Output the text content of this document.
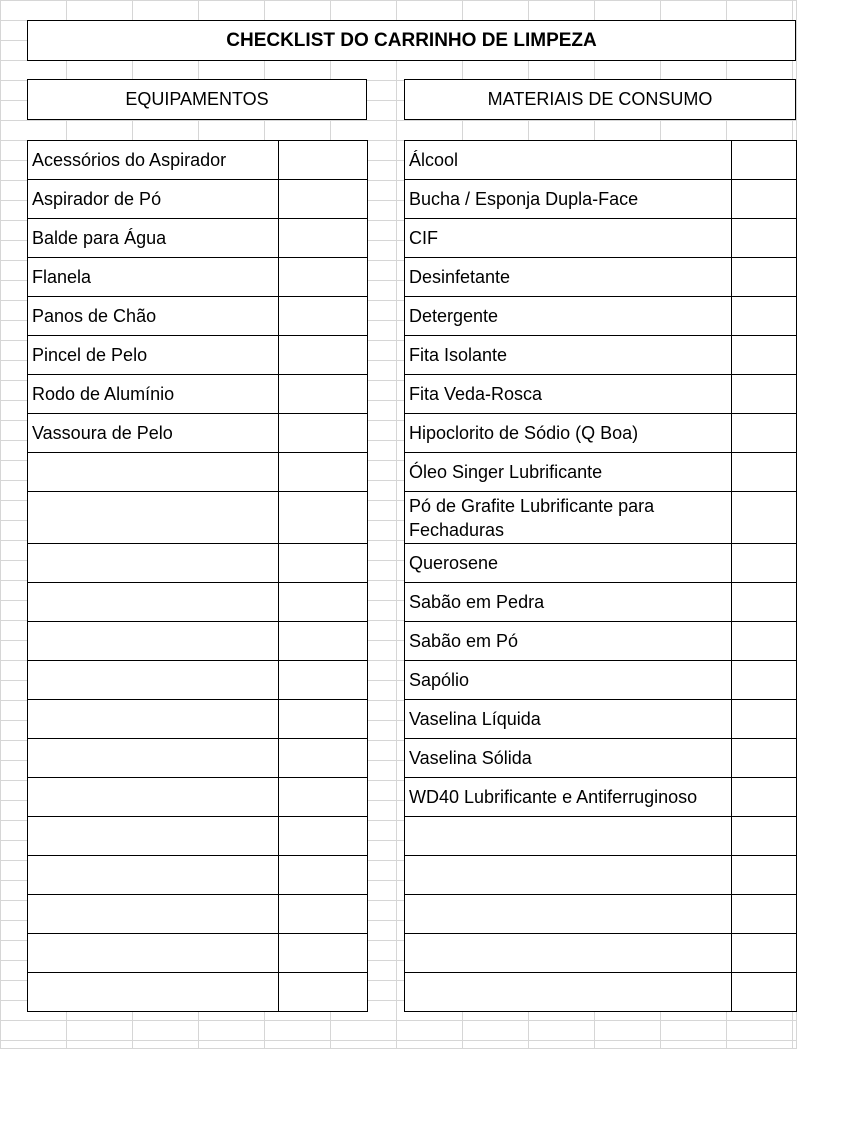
CHECKLIST DO CARRINHO DE LIMPEZA
EQUIPAMENTOS	MATERIAIS DE CONSUMO
Acessórios do Aspirador	
Aspirador de Pó	
Balde para Água	
Flanela	
Panos de Chão	
Pincel de Pelo	
Rodo de Alumínio	
Vassoura de Pelo	

Álcool	
Bucha / Esponja Dupla-Face	
CIF	
Desinfetante	
Detergente	
Fita Isolante	
Fita Veda-Rosca	
Hipoclorito de Sódio (Q Boa)	
Óleo Singer Lubrificante	
Pó de Grafite Lubrificante para Fechaduras	
Querosene	
Sabão em Pedra	
Sabão em Pó	
Sapólio	
Vaselina Líquida	
Vaselina Sólida	
WD40 Lubrificante e Antiferruginoso	
